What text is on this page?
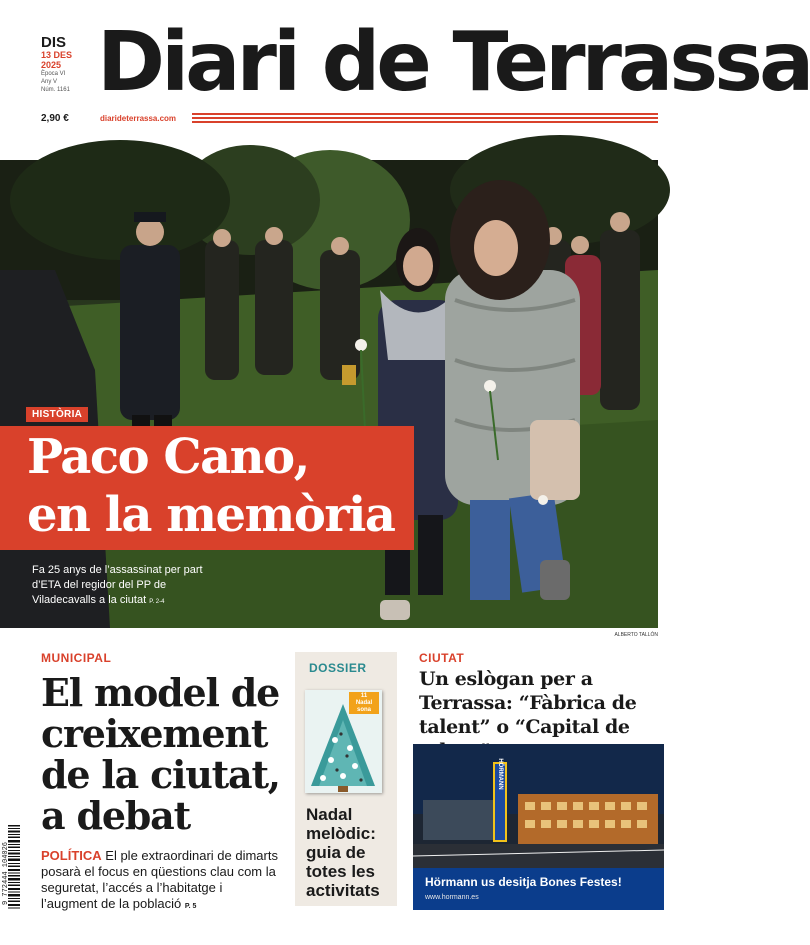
DIS
13 DES
2025
Època VI
Any V
Núm. 1161
2,90 €
Diari de Terrassa
diarideterrassa.com
ALBERTO TALLÓN
HISTÒRIA
Paco Cano,
en la memòria
Fa 25 anys de l’assassinat per part d’ETA del regidor del PP de Viladecavalls a la ciutat P. 2-4
MUNICIPAL
El model de creixement de la ciutat, a debat
POLÍTICA El ple extraordinari de dimarts posarà el focus en qüestions clau com la seguretat, l’accés a l’habitatge i l’augment de la població P. 5
9 772444 104026
DOSSIER
11
Nadal sona
Nadal melòdic: guia de totes les activitats
CIUTAT
Un eslògan per a Terrassa: “Fàbrica de talent” o “Capital de
HÖRMANN
Hörmann us desitja Bones Festes!
www.hormann.es
